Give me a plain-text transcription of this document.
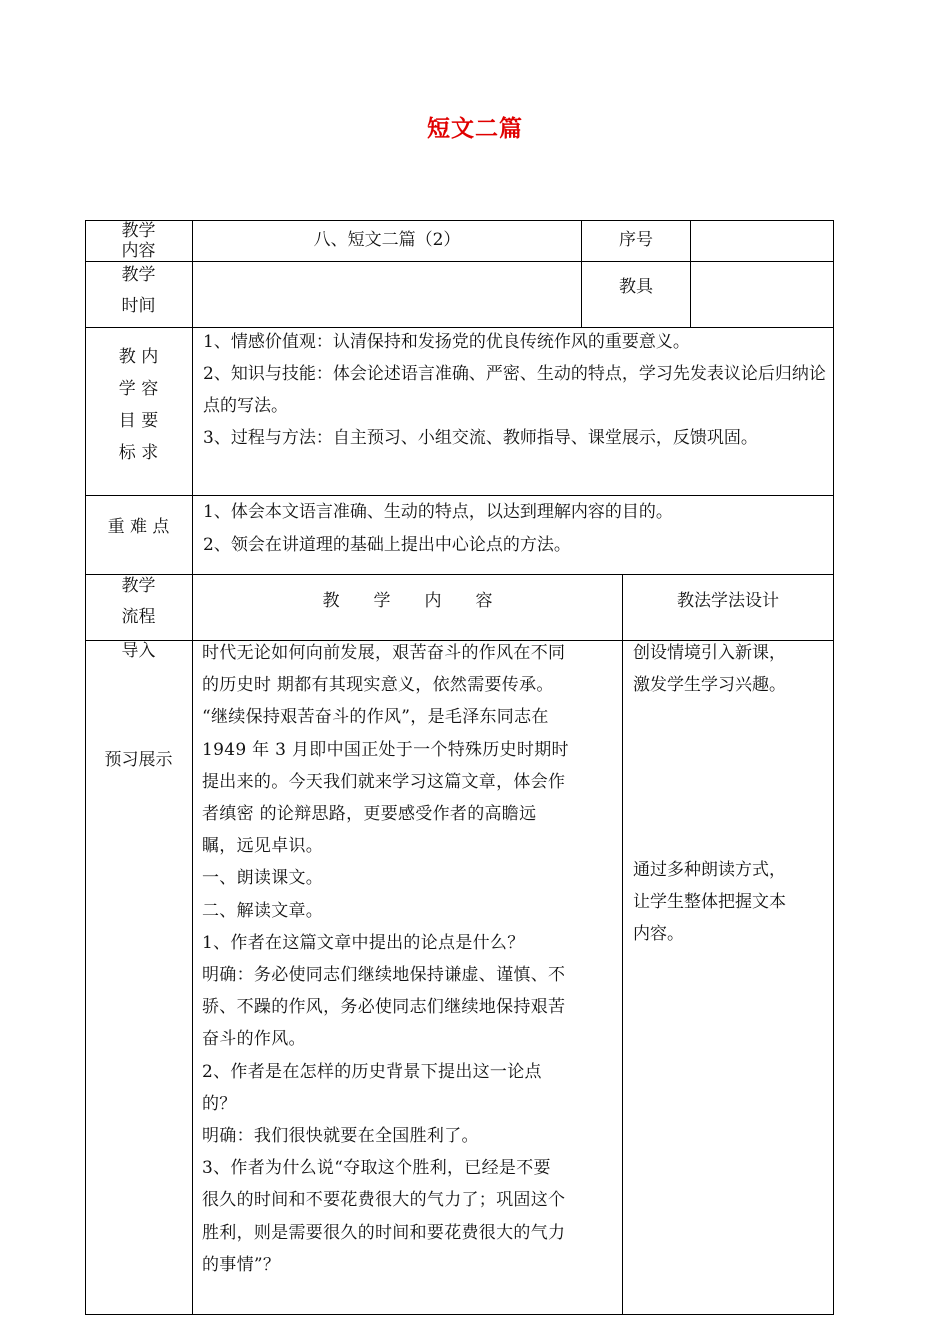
短文二篇
教学内容
八、短文二篇（2）	序号
教学
时间
教具
教 内
学 容
目 要
标 求

1、情感价值观：认清保持和发扬党的优良传统作风的重要意义。

2、知识与技能：体会论述语言准确、严密、生动的特点，学习先发表议论后归纳论点的写法。

3、过程与方法：自主预习、小组交流、教师指导、课堂展示，反馈巩固。

重 难 点

1、体会本文语言准确、生动的特点，以达到理解内容的目的。

2、领会在讲道理的基础上提出中心论点的方法。

教学
流程
教　　学　　内　　容	教法学法设计
导入
预习展示
时代无论如何向前发展，艰苦奋斗的作风在不同
的历史时 期都有其现实意义，依然需要传承。
“继续保持艰苦奋斗的作风”，是毛泽东同志在
1949 年 3 月即中国正处于一个特殊历史时期时
提出来的。今天我们就来学习这篇文章，体会作
者缜密 的论辩思路，更要感受作者的高瞻远
瞩，远见卓识。
一、朗读课文。
二、解读文章。
1、作者在这篇文章中提出的论点是什么？
明确：务必使同志们继续地保持谦虚、谨慎、不
骄、不躁的作风，务必使同志们继续地保持艰苦
奋斗的作风。
2、作者是在怎样的历史背景下提出这一论点
的？
明确：我们很快就要在全国胜利了。
3、作者为什么说“夺取这个胜利，已经是不要
很久的时间和不要花费很大的气力了；巩固这个
胜利，则是需要很久的时间和要花费很大的气力
的事情”？
创设情境引入新课，
激发学生学习兴趣。
通过多种朗读方式，
让学生整体把握文本
内容。
